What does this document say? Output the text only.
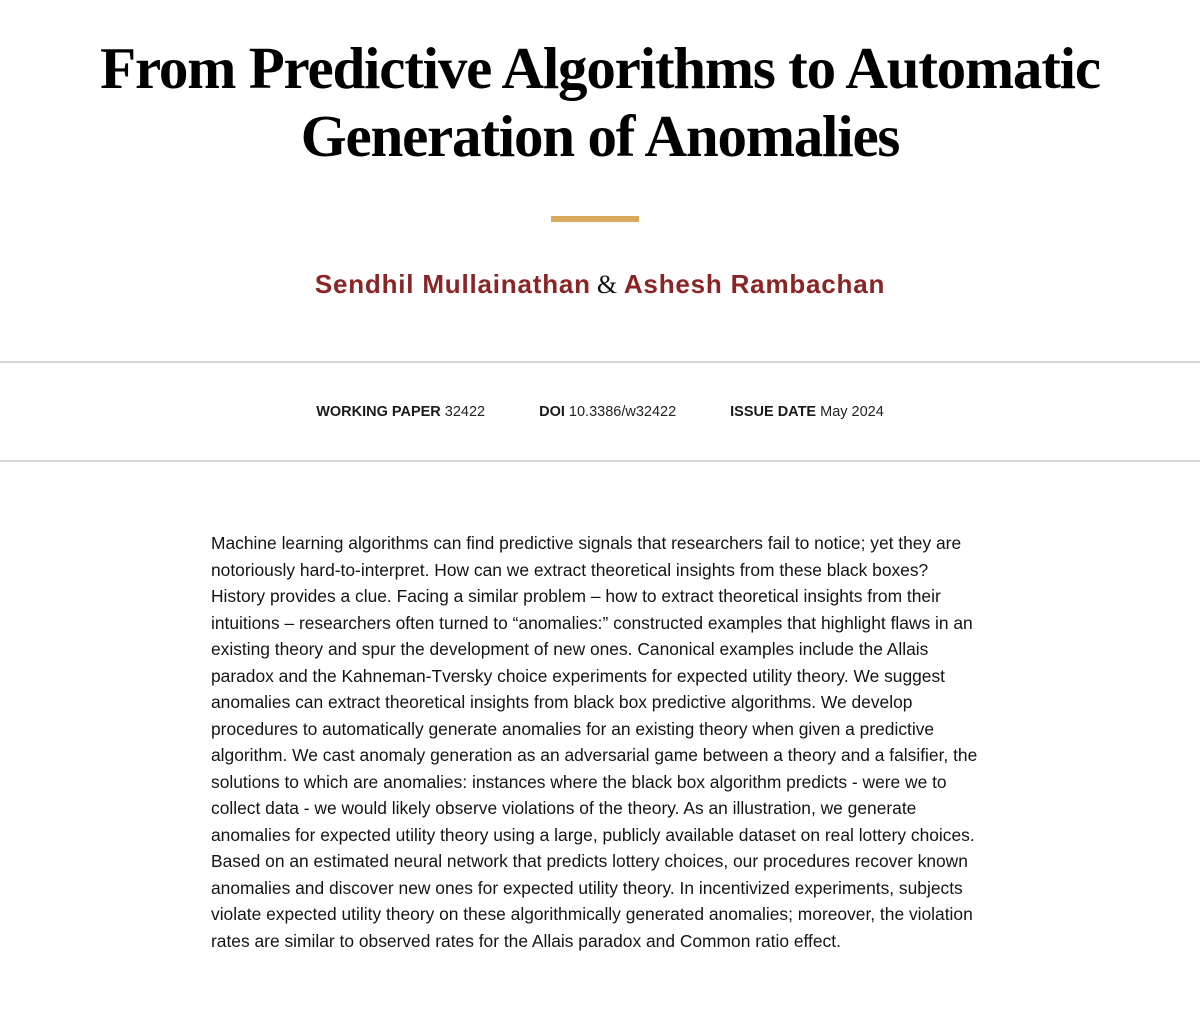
From Predictive Algorithms to Automatic
Generation of Anomalies
Sendhil Mullainathan & Ashesh Rambachan
WORKING PAPER 32422	DOI 10.3386/w32422	ISSUE DATE May 2024

Machine learning algorithms can find predictive signals that researchers fail to notice; yet they are notoriously hard-to-interpret. How can we extract theoretical insights from these black boxes? History provides a clue. Facing a similar problem – how to extract theoretical insights from their intuitions – researchers often turned to “anomalies:” constructed examples that highlight flaws in an existing theory and spur the development of new ones. Canonical examples include the Allais paradox and the Kahneman-Tversky choice experiments for expected utility theory. We suggest anomalies can extract theoretical insights from black box predictive algorithms. We develop procedures to automatically generate anomalies for an existing theory when given a predictive algorithm. We cast anomaly generation as an adversarial game between a theory and a falsifier, the solutions to which are anomalies: instances where the black box algorithm predicts - were we to collect data - we would likely observe violations of the theory. As an illustration, we generate anomalies for expected utility theory using a large, publicly available dataset on real lottery choices. Based on an estimated neural network that predicts lottery choices, our procedures recover known anomalies and discover new ones for expected utility theory. In incentivized experiments, subjects violate expected utility theory on these algorithmically generated anomalies; moreover, the violation rates are similar to observed rates for the Allais paradox and Common ratio effect.
